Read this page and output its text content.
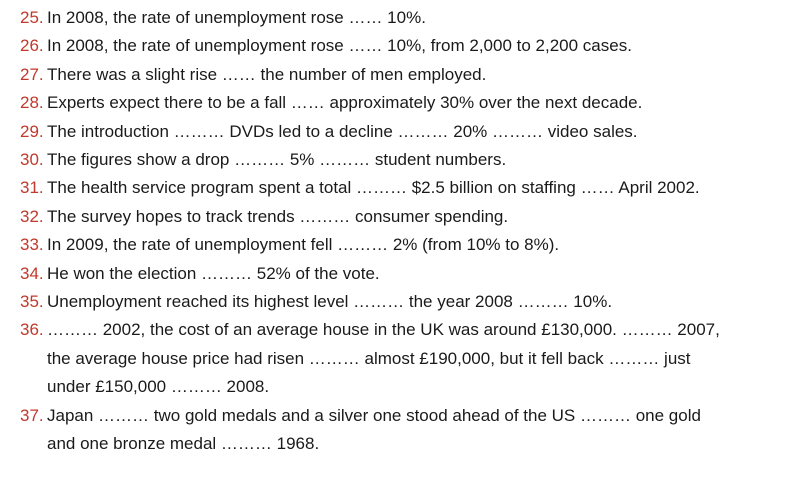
25. In 2008, the rate of unemployment rose …… 10%.
26. In 2008, the rate of unemployment rose …… 10%, from 2,000 to 2,200 cases.
27. There was a slight rise …… the number of men employed.
28. Experts expect there to be a fall …… approximately 30% over the next decade.
29. The introduction ……… DVDs led to a decline ……… 20% ……… video sales.
30. The figures show a drop ……… 5% ……… student numbers.
31. The health service program spent a total ……… $2.5 billion on staffing …… April 2002.
32. The survey hopes to track trends ……… consumer spending.
33. In 2009, the rate of unemployment fell ……… 2% (from 10% to 8%).
34. He won the election ……… 52% of the vote.
35. Unemployment reached its highest level ……… the year 2008 ……… 10%.
36. ……… 2002, the cost of an average house in the UK was around £130,000. ……… 2007,
the average house price had risen ……… almost £190,000, but it fell back ……… just
under £150,000 ……… 2008.
37. Japan ……… two gold medals and a silver one stood ahead of the US ……… one gold
and one bronze medal ……… 1968.
